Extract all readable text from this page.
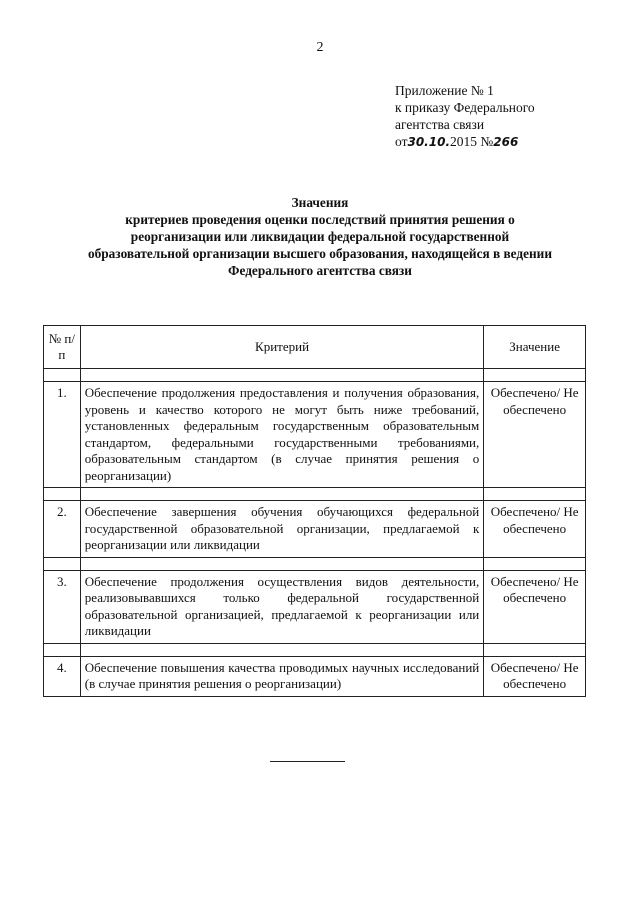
2
Приложение № 1
к приказу Федерального
агентства связи
от30.10.2015 №266
Значения
критериев проведения оценки последствий принятия решения о
реорганизации или ликвидации федеральной государственной
образовательной организации высшего образования, находящейся в ведении
Федерального агентства связи
№ п/п	Критерий	Значение

1.	Обеспечение продолжения предоставления и получения образования, уровень и качество которого не могут быть ниже требований, установленных федеральным государственным образовательным стандартом, федеральными государственными требованиями, образовательным стандартом (в случае принятия решения о реорганизации)	Обеспечено/ Не обеспечено

2.	Обеспечение завершения обучения обучающихся федеральной государственной образовательной организации, предлагаемой к реорганизации или ликвидации	Обеспечено/ Не обеспечено

3.	Обеспечение продолжения осуществления видов деятельности, реализовывавшихся только федеральной государственной образовательной организацией, предлагаемой к реорганизации или ликвидации	Обеспечено/ Не обеспечено

4.	Обеспечение повышения качества проводимых научных исследований (в случае принятия решения о реорганизации)	Обеспечено/ Не обеспечено
